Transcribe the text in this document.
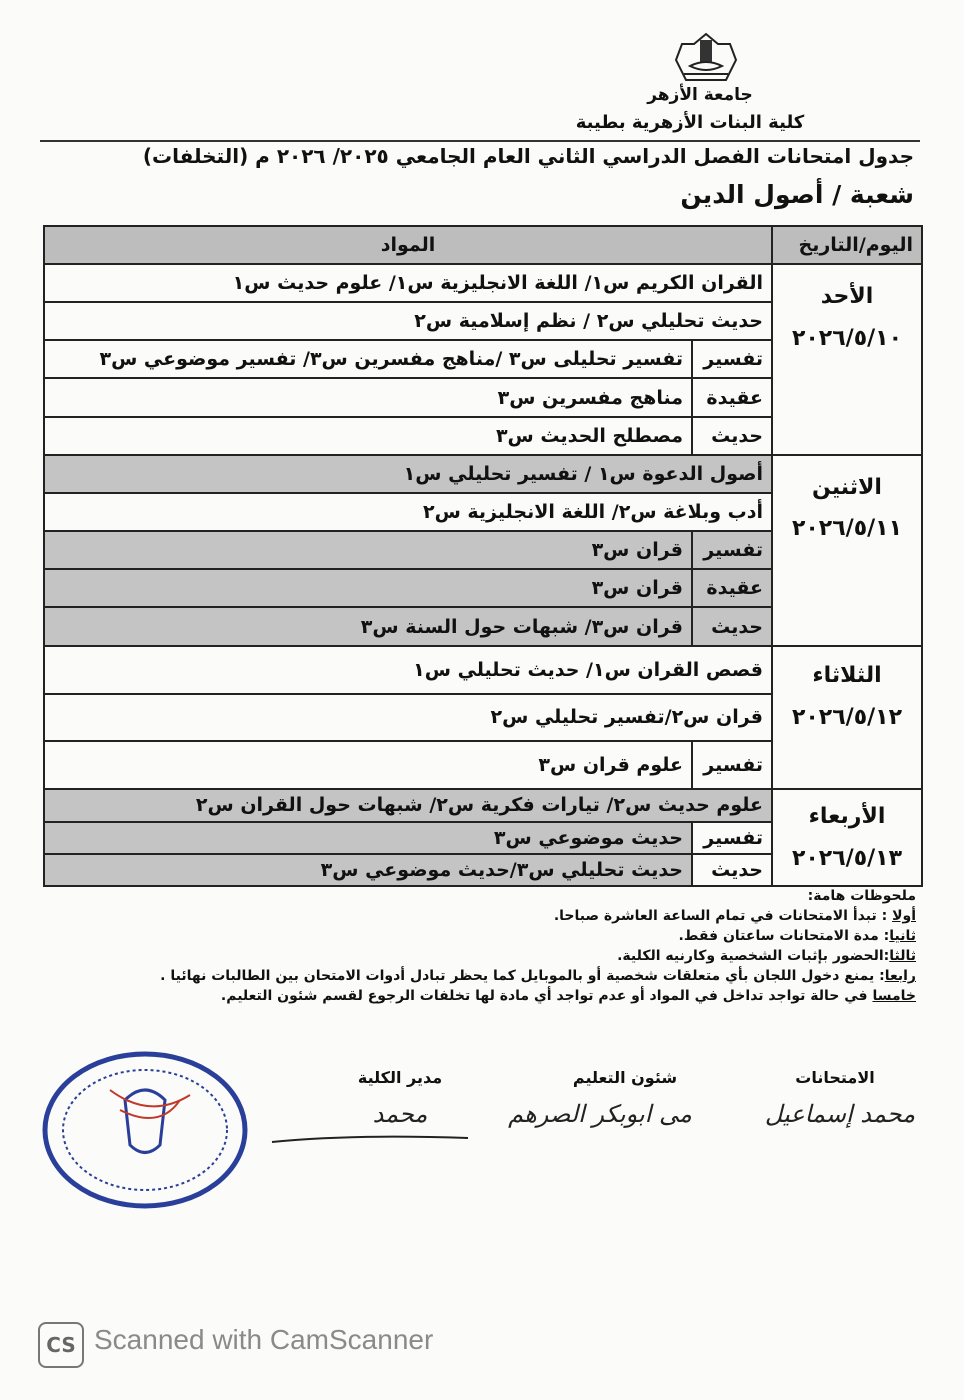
جامعة الأزهر
كلية البنات الأزهرية بطيبة
جدول امتحانات الفصل الدراسي الثاني العام الجامعي ٢٠٢٥/ ٢٠٢٦ م (التخلفات)
شعبة / أصول الدين
اليوم/التاريخ	المواد	

الأحد
٢٠٢٦/٥/١٠	القران الكريم س١/ اللغة الانجليزية س١/ علوم حديث س١	
	حديث تحليلي س٢ / نظم إسلامية س٢	
	تفسير	تفسير تحليلى س٣ /مناهج مفسرين س٣/ تفسير موضوعي س٣
	عقيدة	مناهج مفسرين س٣
	حديث	مصطلح الحديث س٣

الاثنين
٢٠٢٦/٥/١١	أصول الدعوة س١ / تفسير تحليلي س١	
	أدب وبلاغة س٢/ اللغة الانجليزية س٢	
	تفسير	قران س٣
	عقيدة	قران س٣
	حديث	قران س٣/ شبهات حول السنة س٣

الثلاثاء
٢٠٢٦/٥/١٢	قصص القران س١/ حديث تحليلي س١	
	قران س٢/تفسير تحليلي س٢	
	تفسير	علوم قران س٣

الأربعاء
٢٠٢٦/٥/١٣	علوم حديث س٢/ تيارات فكرية س٢/ شبهات حول القران س٢	
	تفسير	حديث موضوعي س٣
	حديث	حديث تحليلي س٣/حديث موضوعي س٣
ملحوظات هامة:
أولا : تبدأ الامتحانات في تمام الساعة العاشرة صباحا.
ثانيا: مدة الامتحانات ساعتان فقط.
ثالثا:الحضور بإثبات الشخصية وكارنيه الكلية.
رابعا: يمنع دخول اللجان بأي متعلقات شخصية أو بالموبايل كما يحظر تبادل أدوات الامتحان بين الطالبات نهائيا .
خامسا في حالة تواجد تداخل في المواد أو عدم تواجد أي مادة لها تخلفات الرجوع لقسم شئون التعليم.
الامتحانات
محمد إسماعيل
شئون التعليم
مى ابوبكر الصرهم
مدير الكلية
محمد
CS Scanned with CamScanner
